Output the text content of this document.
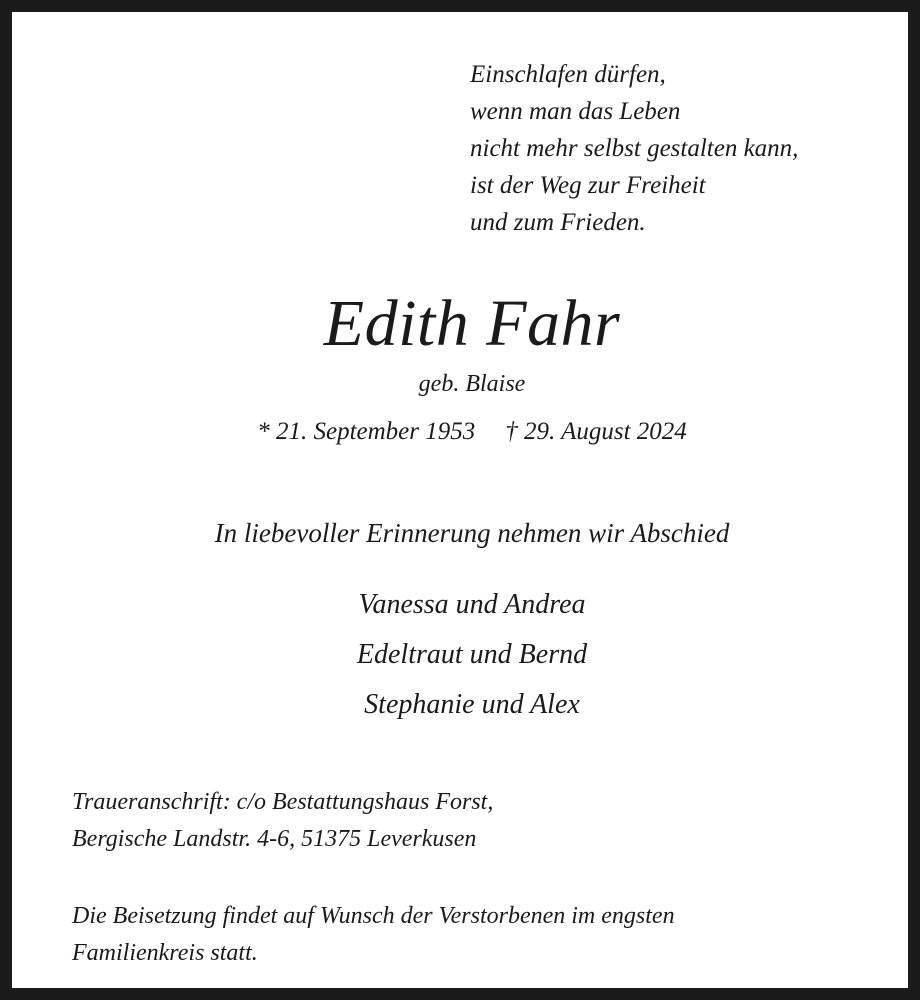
Einschlafen dürfen,
wenn man das Leben
nicht mehr selbst gestalten kann,
ist der Weg zur Freiheit
und zum Frieden.
Edith Fahr
geb. Blaise
* 21. September 1953 † 29. August 2024
In liebevoller Erinnerung nehmen wir Abschied
Vanessa und Andrea
Edeltraut und Bernd
Stephanie und Alex
Traueranschrift: c/o Bestattungshaus Forst,
Bergische Landstr. 4-6, 51375 Leverkusen
Die Beisetzung findet auf Wunsch der Verstorbenen im engsten
Familienkreis statt.
